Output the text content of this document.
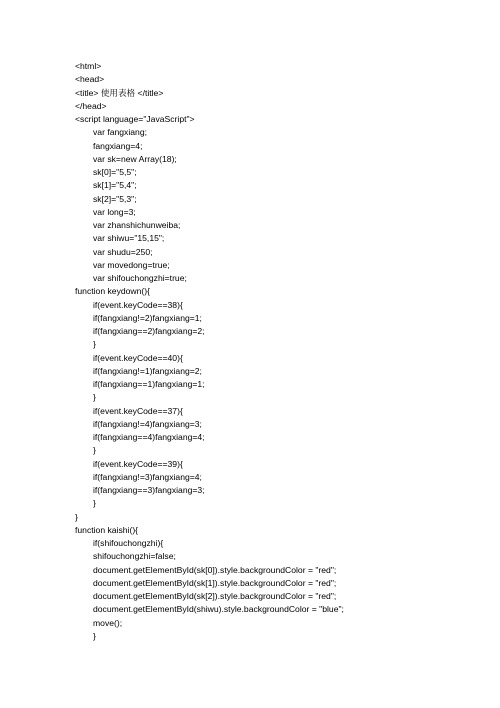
<html>
<head>
<title> 使用表格 </title>
</head>
<script language="JavaScript">
var fangxiang;
fangxiang=4;
var sk=new Array(18);
sk[0]="5,5";
sk[1]="5,4";
sk[2]="5,3";
var long=3;
var zhanshichunweiba;
var shiwu="15,15";
var shudu=250;
var movedong=true;
var shifouchongzhi=true;
function keydown(){
if(event.keyCode==38){
if(fangxiang!=2)fangxiang=1;
if(fangxiang==2)fangxiang=2;
}
if(event.keyCode==40){
if(fangxiang!=1)fangxiang=2;
if(fangxiang==1)fangxiang=1;
}
if(event.keyCode==37){
if(fangxiang!=4)fangxiang=3;
if(fangxiang==4)fangxiang=4;
}
if(event.keyCode==39){
if(fangxiang!=3)fangxiang=4;
if(fangxiang==3)fangxiang=3;
}
}
function kaishi(){
if(shifouchongzhi){
shifouchongzhi=false;
document.getElementById(sk[0]).style.backgroundColor = "red";
document.getElementById(sk[1]).style.backgroundColor = "red";
document.getElementById(sk[2]).style.backgroundColor = "red";
document.getElementById(shiwu).style.backgroundColor = "blue";
move();
}
